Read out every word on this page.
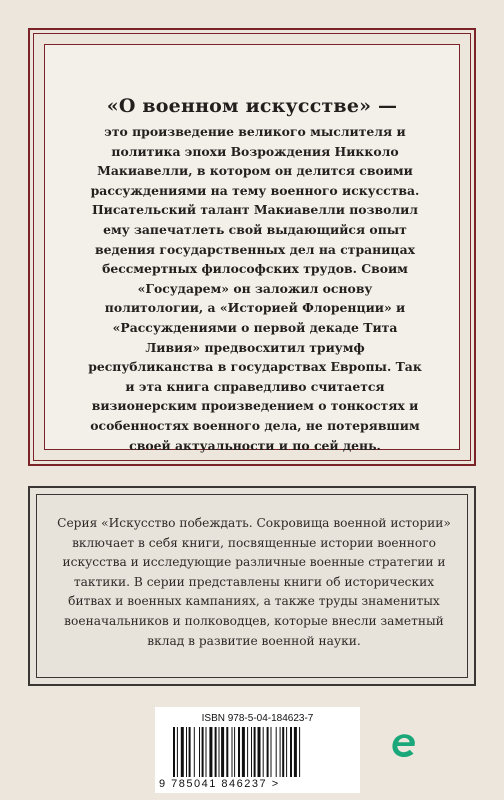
«О военном искусстве» —
это произведение великого мыслителя и политика эпохи Возрождения Никколо Макиавелли, в котором он делится своими рассуждениями на тему военного искусства.
Писательский талант Макиавелли позволил ему запечатлеть свой выдающийся опыт ведения государственных дел на страницах бессмертных философских трудов. Своим «Государем» он заложил основу политологии, а «Историей Флоренции» и «Рассуждениями о первой декаде Тита Ливия» предвосхитил триумф республиканства в государствах Европы. Так и эта книга справедливо считается визионерским произведением о тонкостях и особенностях военного дела, не потерявшим своей актуальности и по сей день.
Серия «Искусство побеждать. Сокровища военной истории» включает в себя книги, посвященные истории военного искусства и исследующие различные военные стратегии и тактики. В серии представлены книги об исторических битвах и военных кампаниях, а также труды знаменитых военачальников и полководцев, которые внесли заметный вклад в развитие военной науки.
ISBN 978-5-04-184623-7
9 785041 846237 >
